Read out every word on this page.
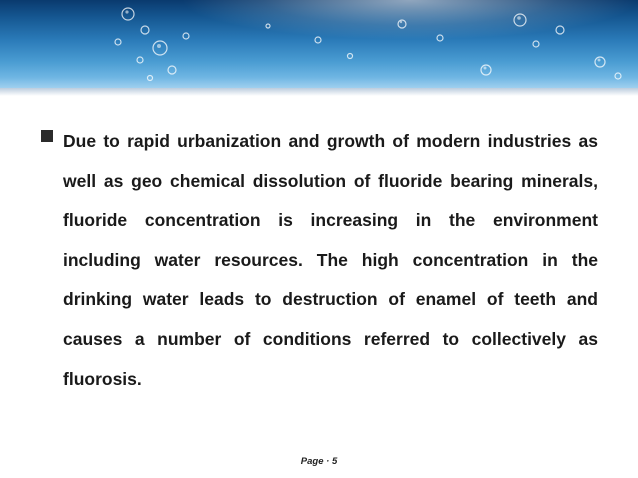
Due to rapid urbanization and growth of modern industries as well as geo chemical dissolution of fluoride bearing minerals, fluoride concentration is increasing in the environment including water resources. The high concentration in the drinking water leads to destruction of enamel of teeth and causes a number of conditions referred to collectively as fluorosis.

Page · 5
